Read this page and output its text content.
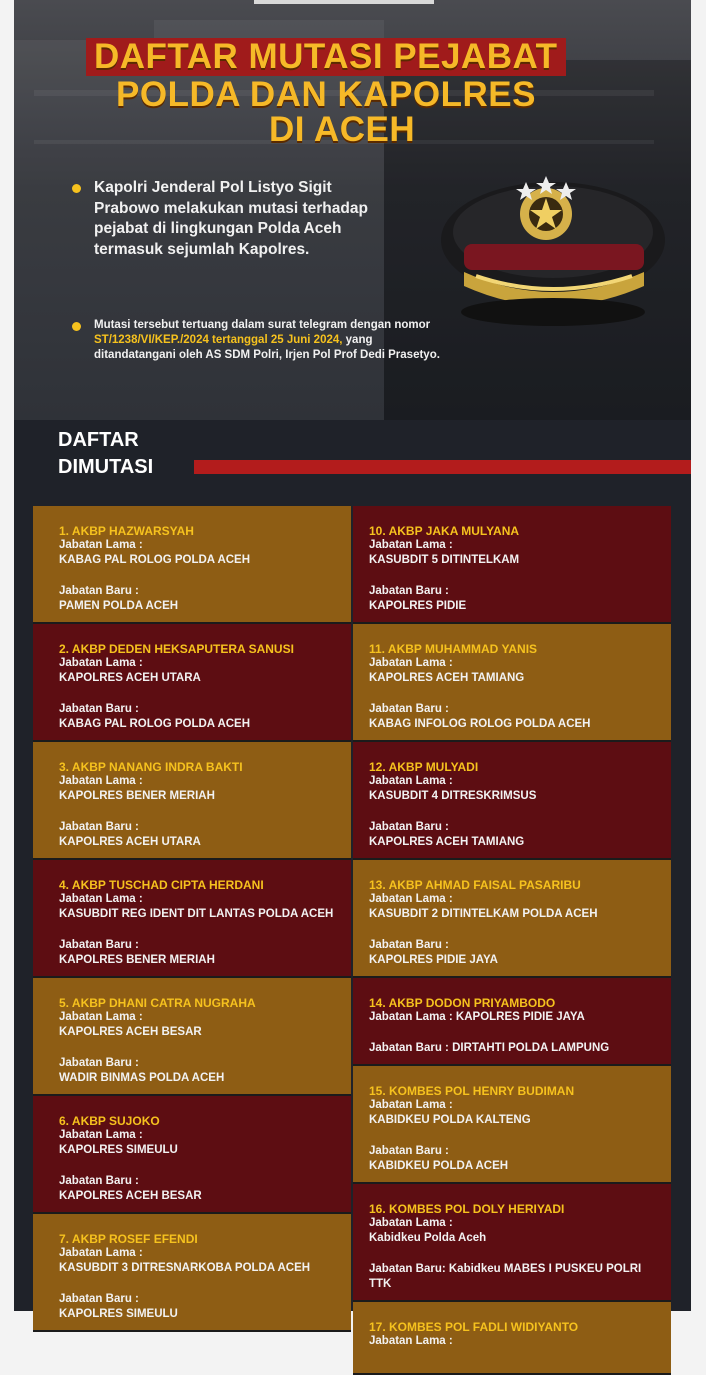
DAFTAR MUTASI PEJABAT
POLDA DAN KAPOLRES
DI ACEH
Kapolri Jenderal Pol Listyo Sigit Prabowo melakukan mutasi terhadap pejabat di lingkungan Polda Aceh termasuk sejumlah Kapolres.
Mutasi tersebut tertuang dalam surat telegram dengan nomor ST/1238/VI/KEP./2024 tertanggal 25 Juni 2024, yang ditandatangani oleh AS SDM Polri, Irjen Pol Prof Dedi Prasetyo.
DAFTAR
DIMUTASI
1. AKBP HAZWARSYAH
Jabatan Lama :
KABAG PAL ROLOG POLDA ACEH
Jabatan Baru :
PAMEN POLDA ACEH
2. AKBP DEDEN HEKSAPUTERA SANUSI
Jabatan Lama :
KAPOLRES ACEH UTARA
Jabatan Baru :
KABAG PAL ROLOG POLDA ACEH
3. AKBP NANANG INDRA BAKTI
Jabatan Lama :
KAPOLRES BENER MERIAH
Jabatan Baru :
KAPOLRES ACEH UTARA
4. AKBP TUSCHAD CIPTA HERDANI
Jabatan Lama :
KASUBDIT REG IDENT DIT LANTAS POLDA ACEH
Jabatan Baru :
KAPOLRES BENER MERIAH
5. AKBP DHANI CATRA NUGRAHA
Jabatan Lama :
KAPOLRES ACEH BESAR
Jabatan Baru :
WADIR BINMAS POLDA ACEH
6. AKBP SUJOKO
Jabatan Lama :
KAPOLRES SIMEULU
Jabatan Baru :
KAPOLRES ACEH BESAR
7. AKBP ROSEF EFENDI
Jabatan Lama :
KASUBDIT 3 DITRESNARKOBA POLDA ACEH
Jabatan Baru :
KAPOLRES SIMEULU
10. AKBP JAKA MULYANA
Jabatan Lama :
KASUBDIT 5 DITINTELKAM
Jabatan Baru :
KAPOLRES PIDIE
11. AKBP MUHAMMAD YANIS
Jabatan Lama :
KAPOLRES ACEH TAMIANG
Jabatan Baru :
KABAG INFOLOG ROLOG POLDA ACEH
12. AKBP MULYADI
Jabatan Lama :
KASUBDIT 4 DITRESKRIMSUS
Jabatan Baru :
KAPOLRES ACEH TAMIANG
13. AKBP AHMAD FAISAL PASARIBU
Jabatan Lama :
KASUBDIT 2 DITINTELKAM POLDA ACEH
Jabatan Baru :
KAPOLRES PIDIE JAYA
14. AKBP DODON PRIYAMBODO
Jabatan Lama : KAPOLRES PIDIE JAYA
Jabatan Baru : DIRTAHTI POLDA LAMPUNG
15. KOMBES POL HENRY BUDIMAN
Jabatan Lama :
KABIDKEU POLDA KALTENG
Jabatan Baru :
KABIDKEU POLDA ACEH
16. KOMBES POL DOLY HERIYADI
Jabatan Lama :
Kabidkeu Polda Aceh
Jabatan Baru: Kabidkeu MABES I PUSKEU POLRI TTK
17. KOMBES POL FADLI WIDIYANTO
Jabatan Lama :
